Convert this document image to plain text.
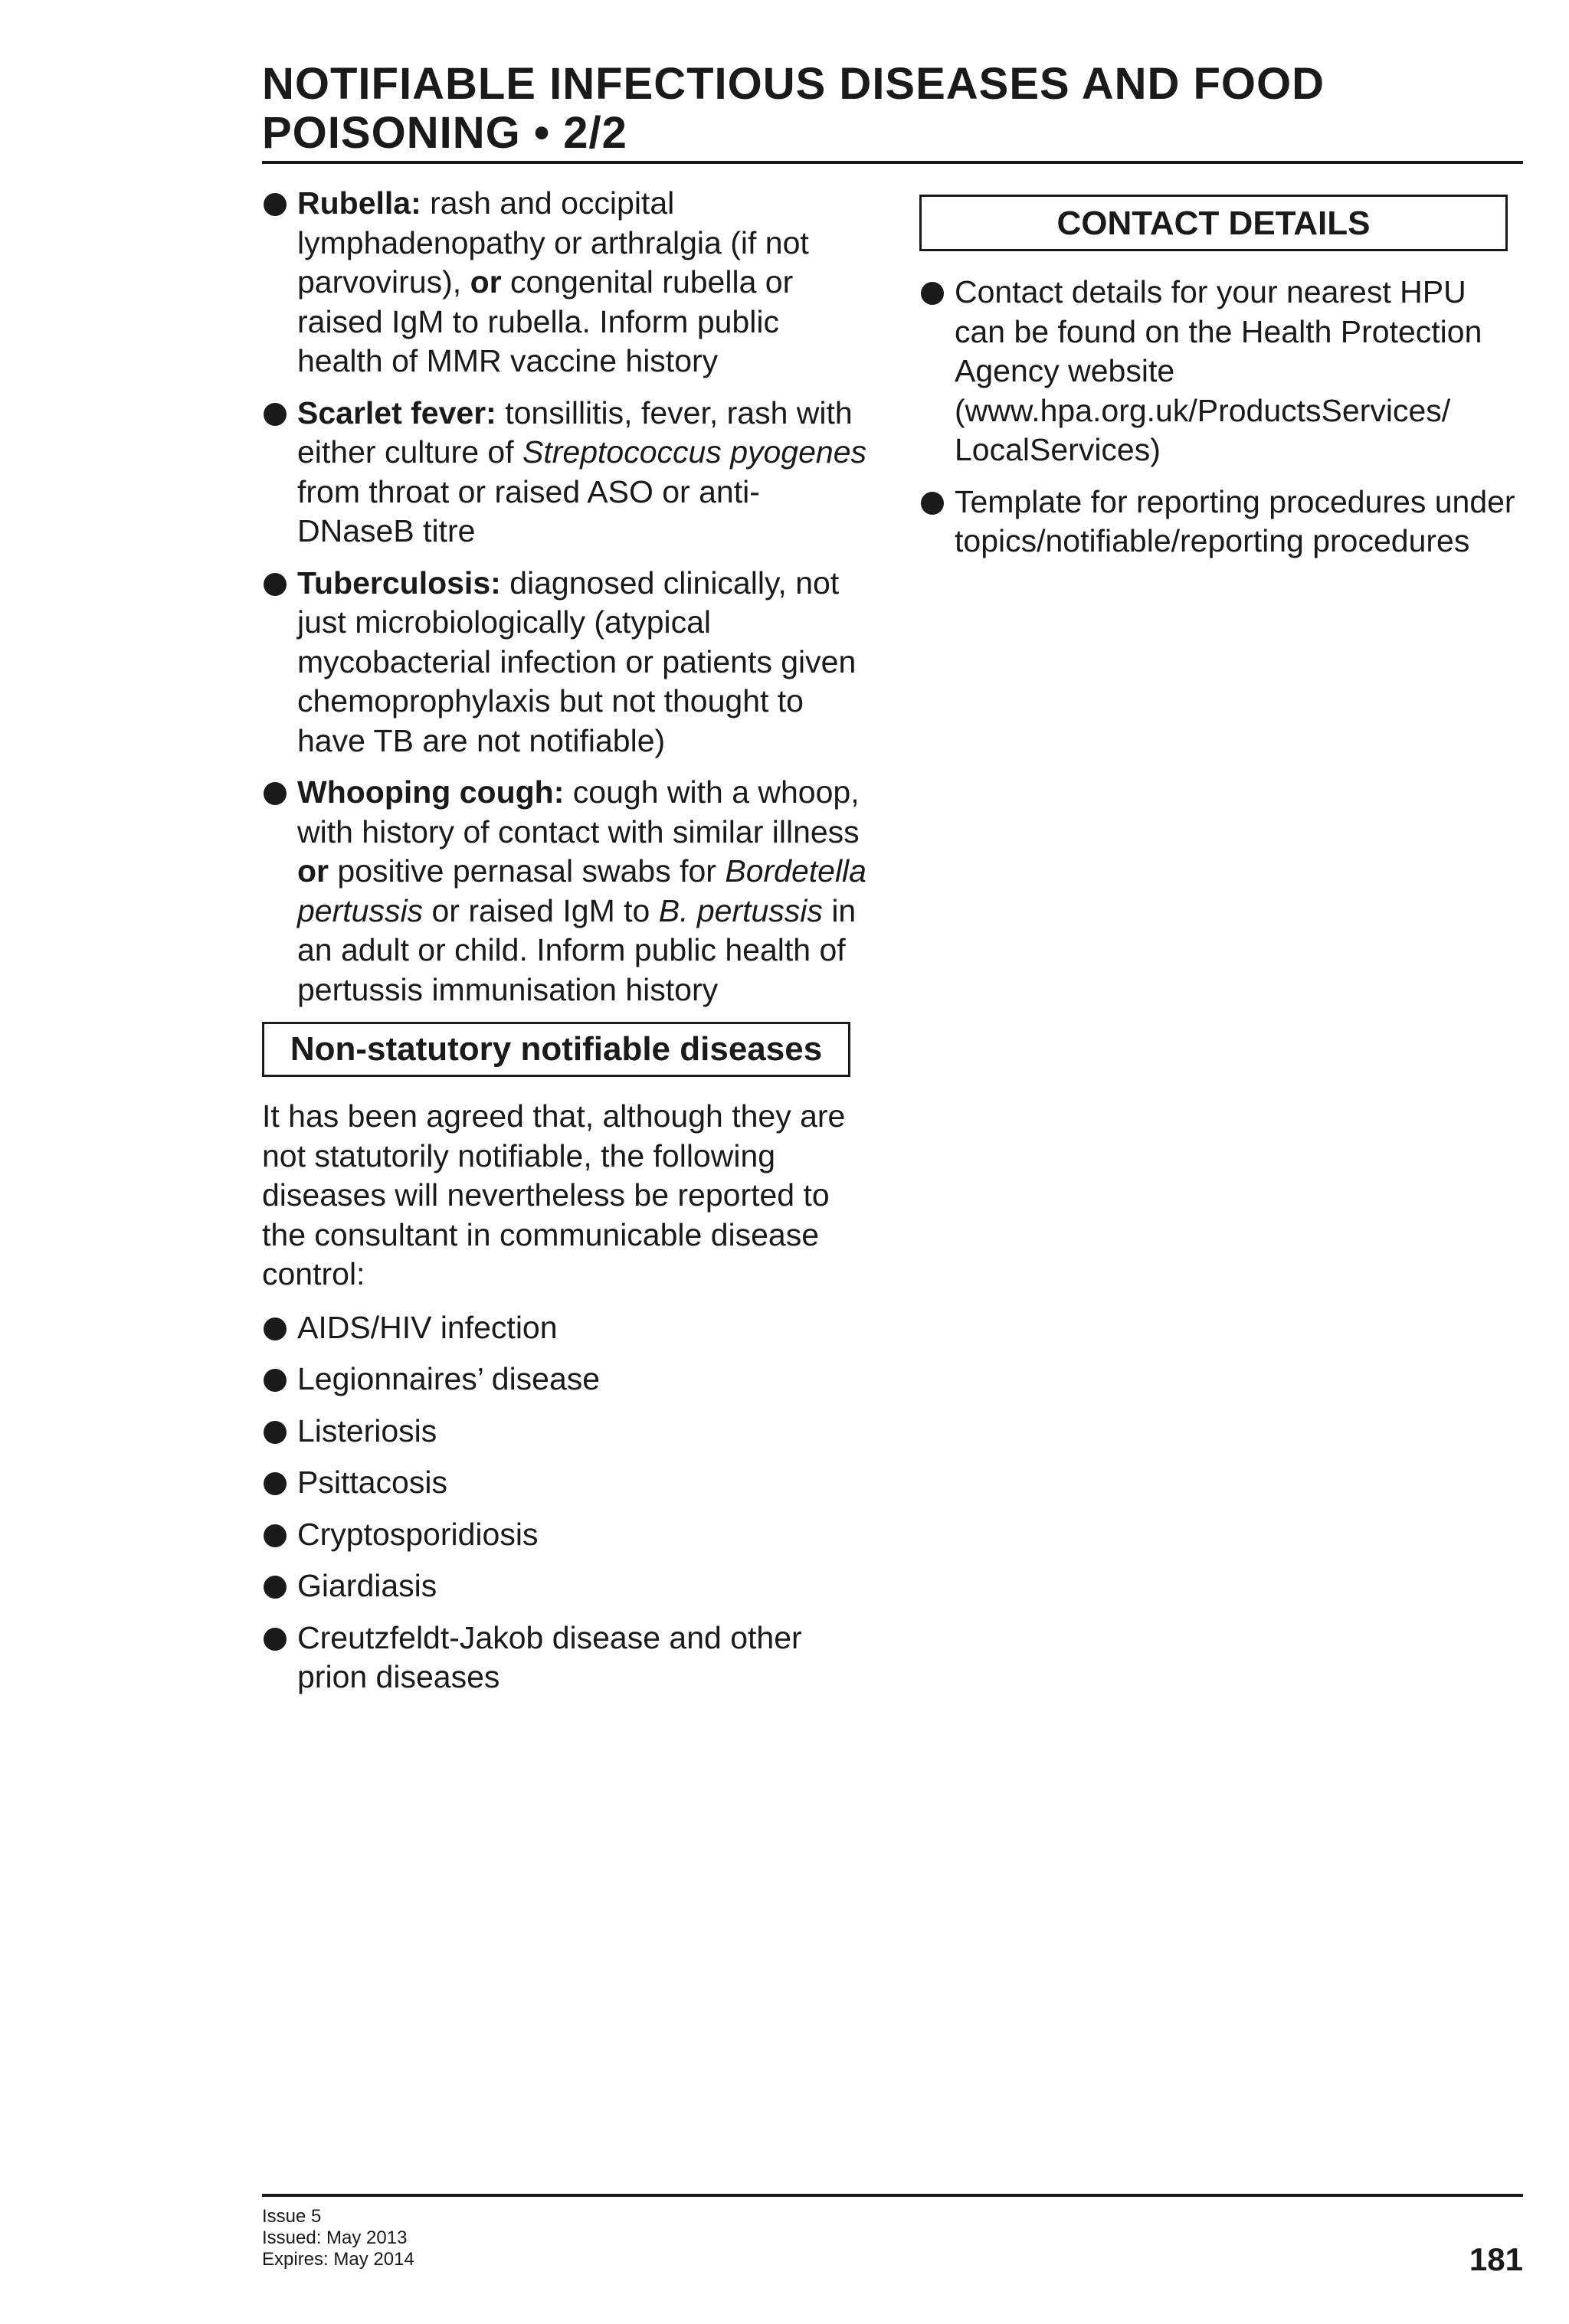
NOTIFIABLE INFECTIOUS DISEASES AND FOOD POISONING • 2/2
Rubella: rash and occipital lymphadenopathy or arthralgia (if not parvovirus), or congenital rubella or raised IgM to rubella. Inform public health of MMR vaccine history
Scarlet fever: tonsillitis, fever, rash with either culture of Streptococcus pyogenes from throat or raised ASO or anti-DNaseB titre
Tuberculosis: diagnosed clinically, not just microbiologically (atypical mycobacterial infection or patients given chemoprophylaxis but not thought to have TB are not notifiable)
Whooping cough: cough with a whoop, with history of contact with similar illness or positive pernasal swabs for Bordetella pertussis or raised IgM to B. pertussis in an adult or child. Inform public health of pertussis immunisation history
Non-statutory notifiable diseases

It has been agreed that, although they are not statutorily notifiable, the following diseases will nevertheless be reported to the consultant in communicable disease control:

AIDS/HIV infection
Legionnaires’ disease
Listeriosis
Psittacosis
Cryptosporidiosis
Giardiasis
Creutzfeldt-Jakob disease and other prion diseases
CONTACT DETAILS
Contact details for your nearest HPU can be found on the Health Protection Agency website (www.hpa.org.uk/ProductsServices/ LocalServices)
Template for reporting procedures under topics/notifiable/reporting procedures
Issue 5
Issued: May 2013
Expires: May 2014	181
